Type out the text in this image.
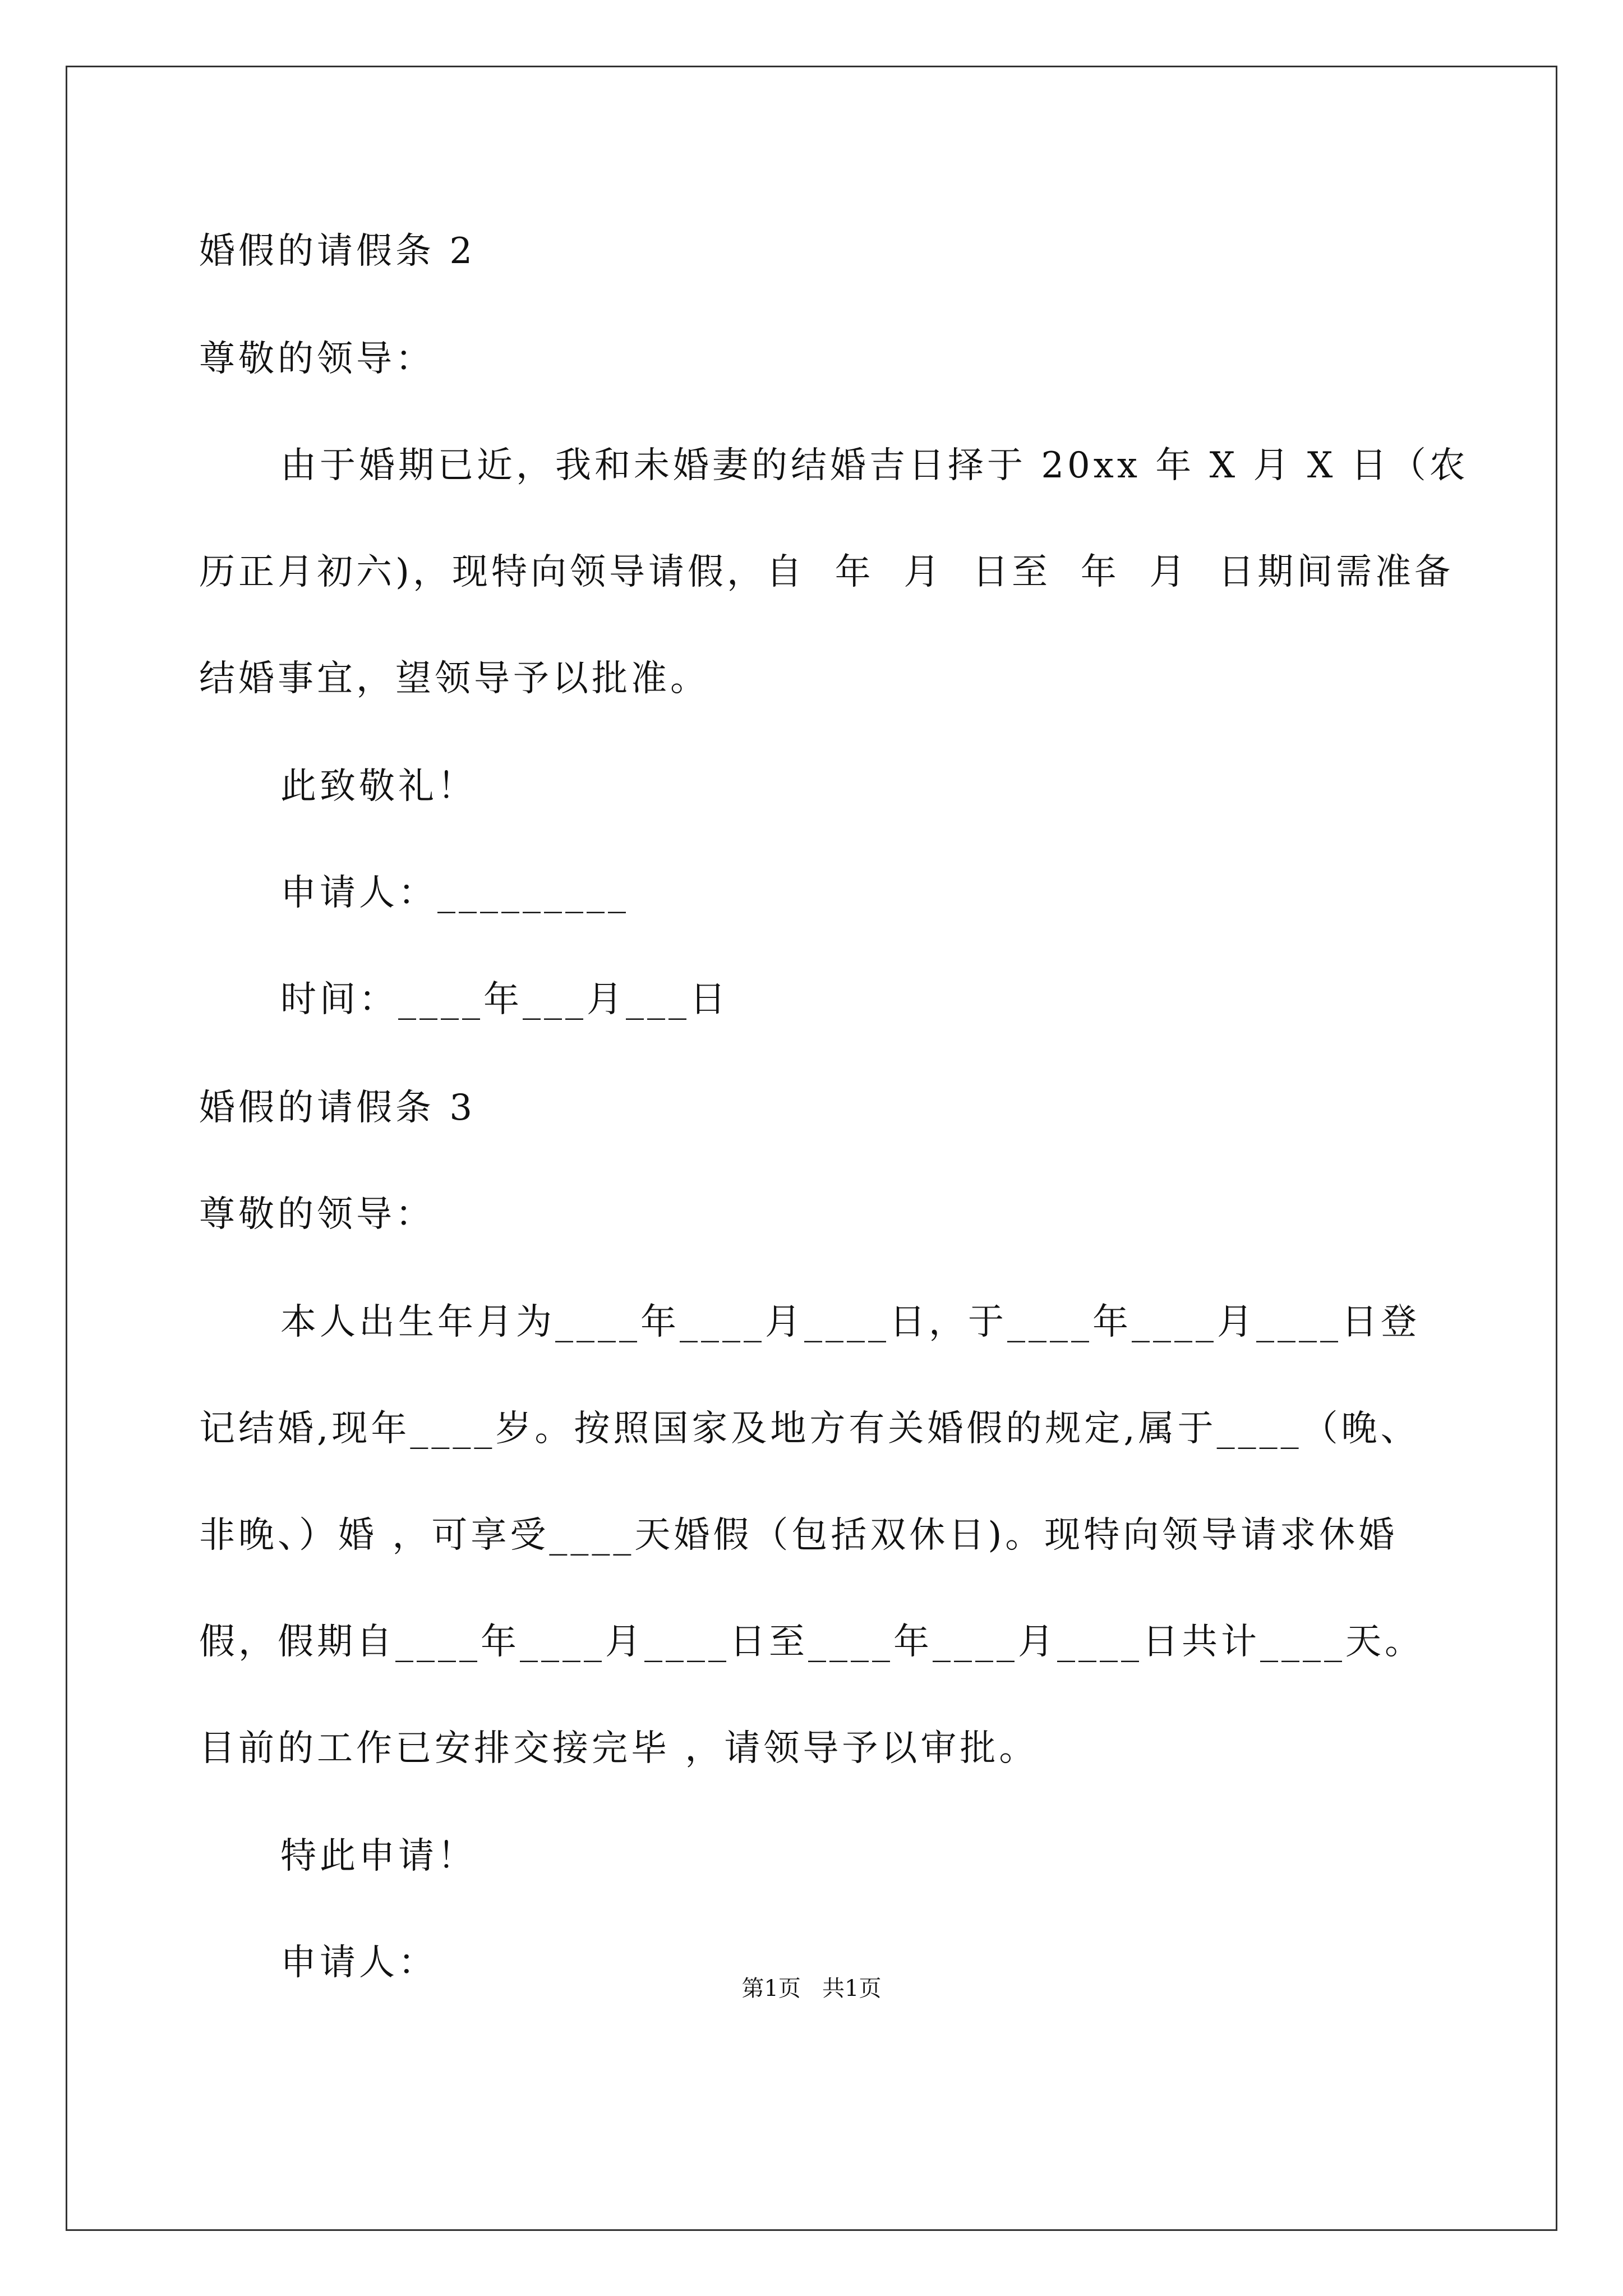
婚假的请假条 2
尊敬的领导：
由于婚期已近，我和未婚妻的结婚吉日择于 20xx 年 X 月 X 日（农
历正月初六)，现特向领导请假，自  年  月  日至  年  月  日期间需准备
结婚事宜，望领导予以批准。
此致敬礼！
申请人：_________
时间：____年___月___日
婚假的请假条 3
尊敬的领导：
本人出生年月为____年____月____日，于____年____月____日登
记结婚,现年____岁。按照国家及地方有关婚假的规定,属于____（晚、
非晚、）婚 ，可享受____天婚假（包括双休日)。现特向领导请求休婚
假，假期自____年____月____日至____年____月____日共计____天。
目前的工作已安排交接完毕 ，请领导予以审批。
特此申请！
申请人：
第1页   共1页
